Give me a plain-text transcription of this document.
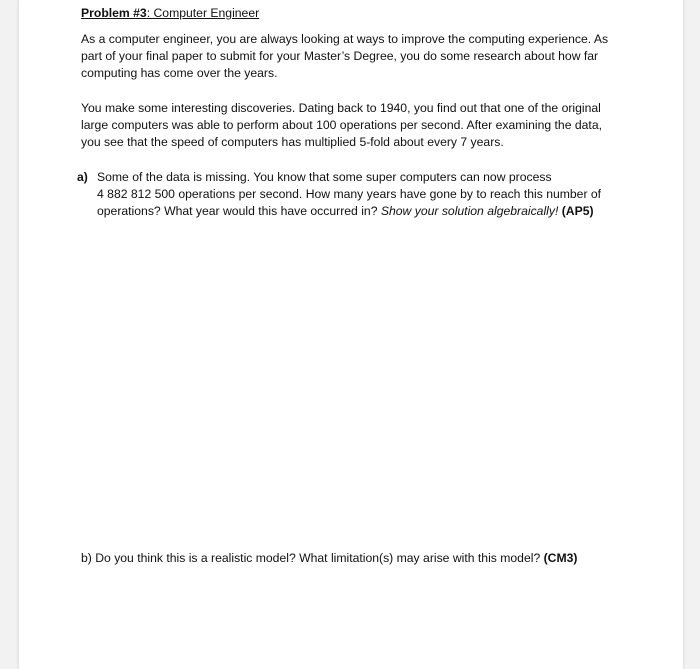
Problem #3: Computer Engineer
As a computer engineer, you are always looking at ways to improve the computing experience. As
part of your final paper to submit for your Master’s Degree, you do some research about how far
computing has come over the years.
You make some interesting discoveries. Dating back to 1940, you find out that one of the original
large computers was able to perform about 100 operations per second. After examining the data,
you see that the speed of computers has multiplied 5-fold about every 7 years.
a) Some of the data is missing. You know that some super computers can now process
4 882 812 500 operations per second. How many years have gone by to reach this number of
operations? What year would this have occurred in? Show your solution algebraically! (AP5)
b) Do you think this is a realistic model? What limitation(s) may arise with this model? (CM3)
